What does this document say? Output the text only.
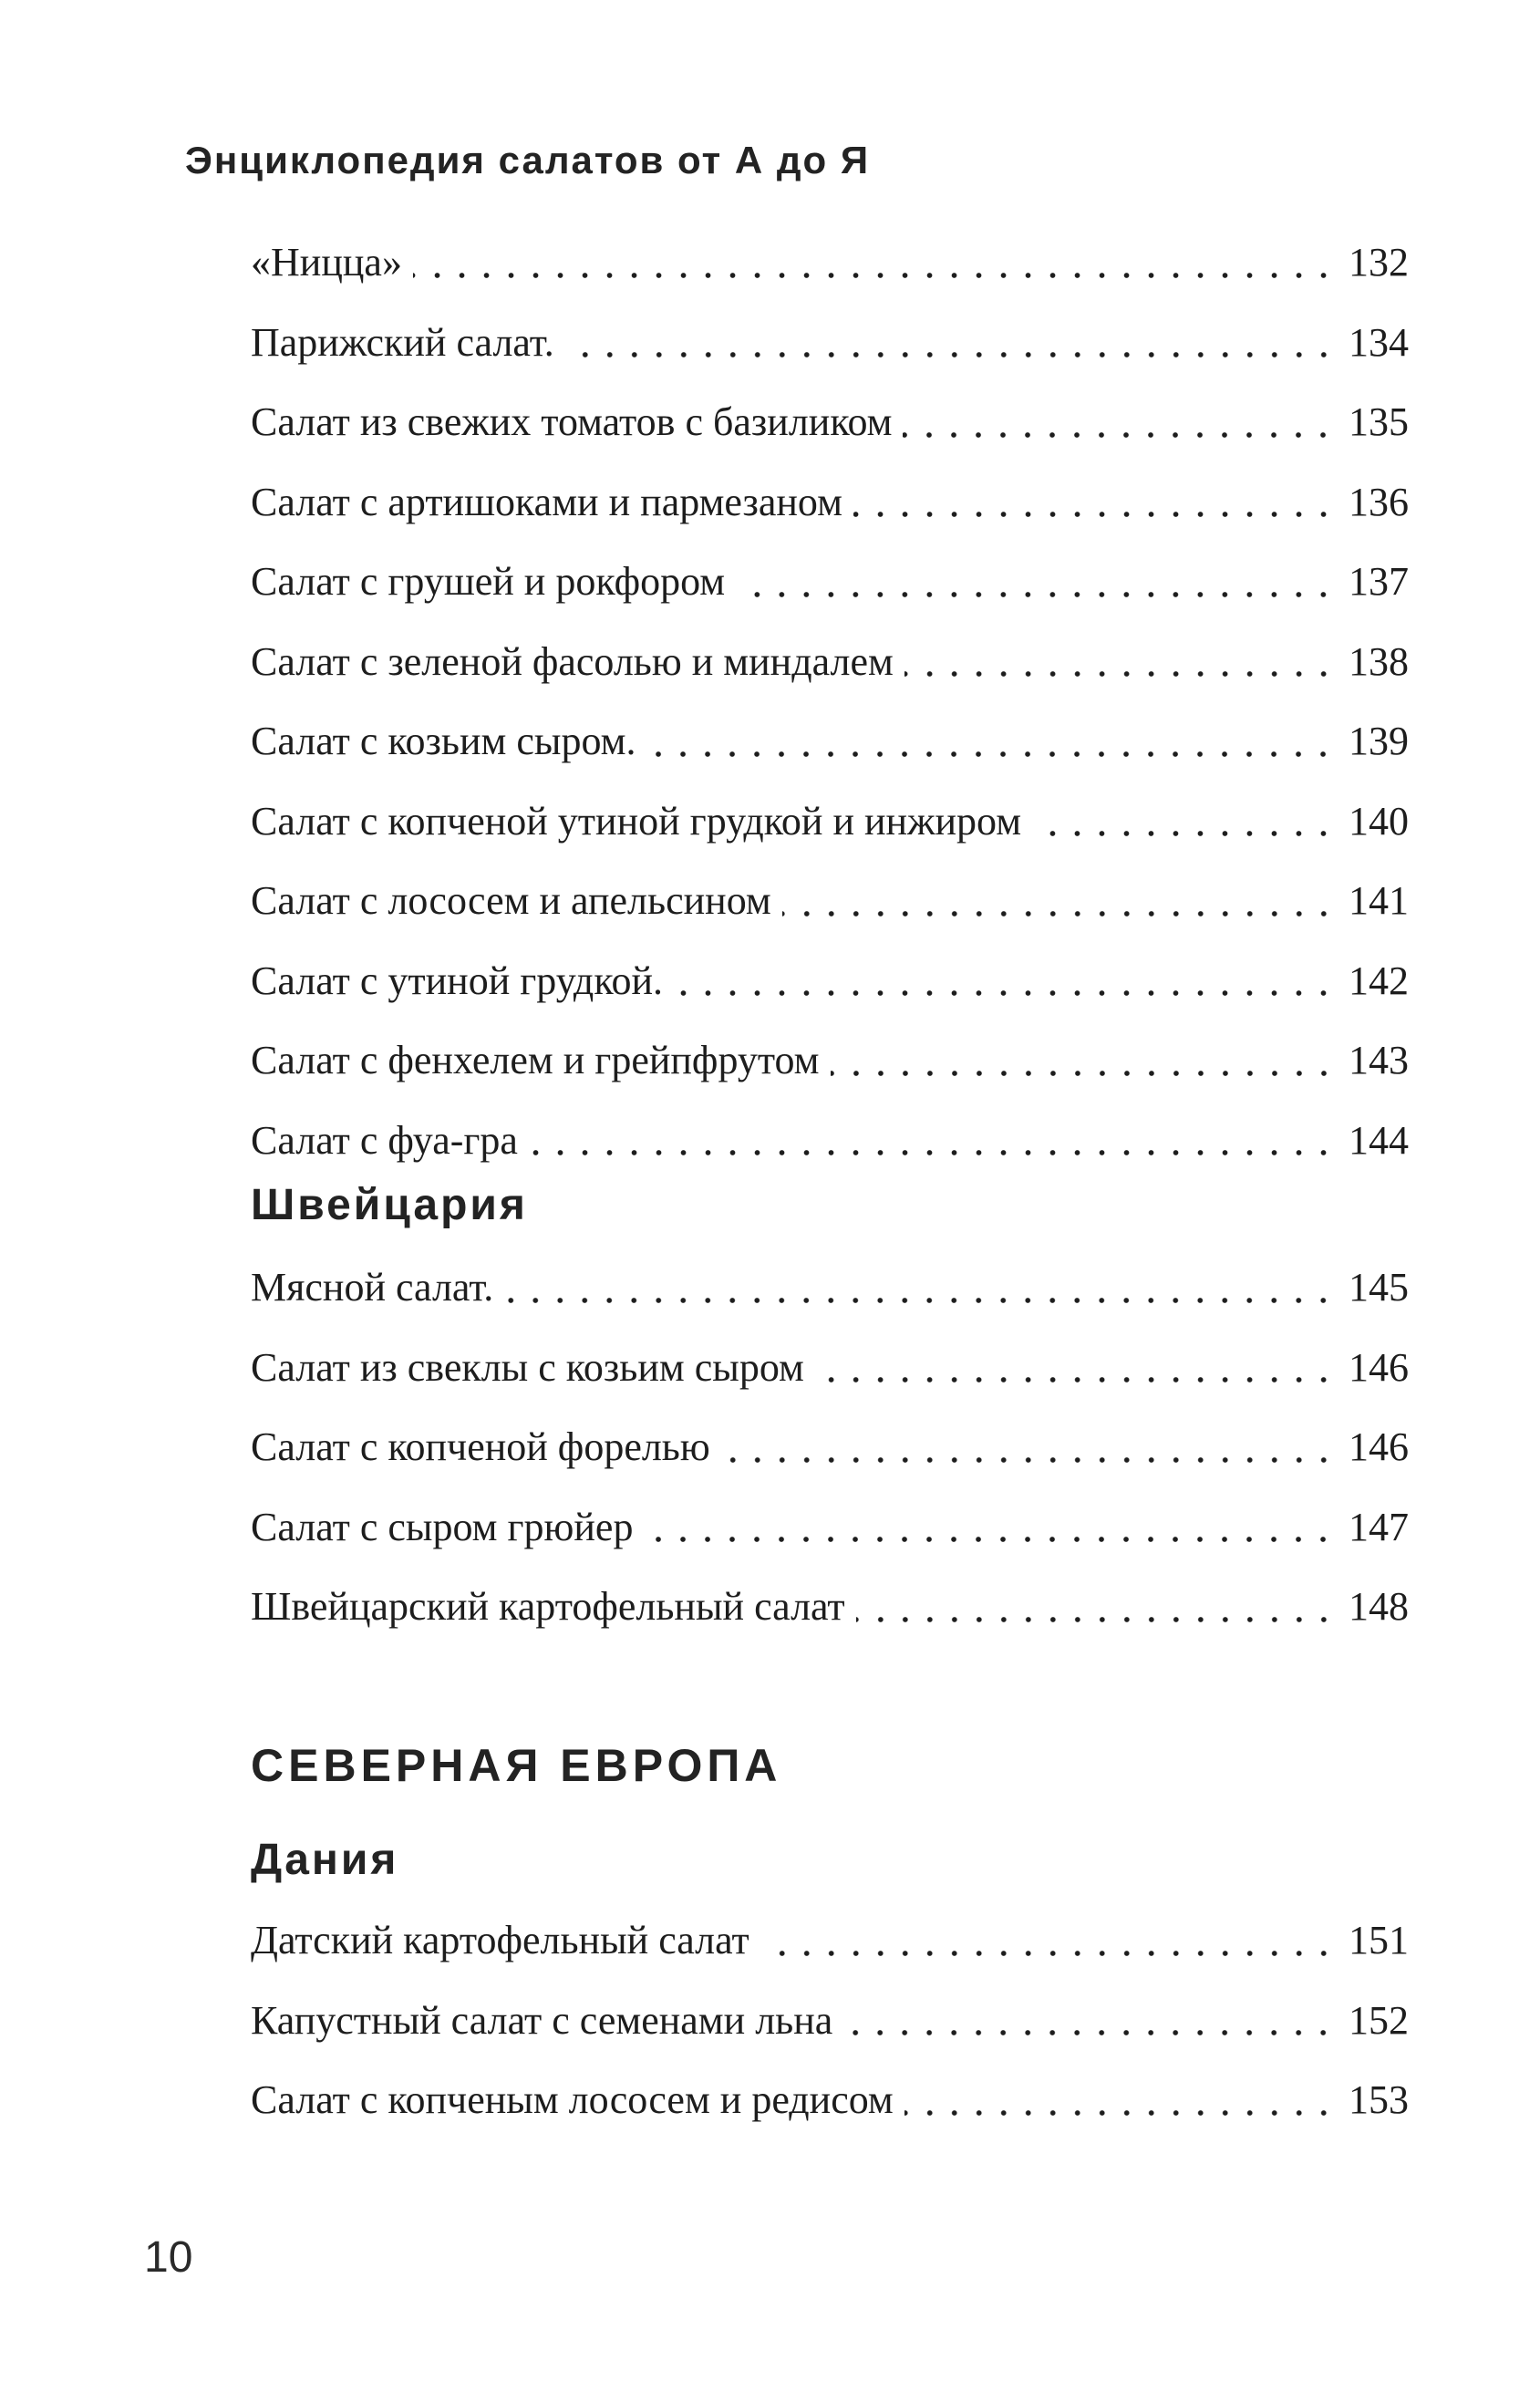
Энциклопедия салатов от А до Я
«Ницца»	132
Парижский салат.	134
Салат из свежих томатов с базиликом	135
Салат с артишоками и пармезаном	136
Салат с грушей и рокфором	137
Салат с зеленой фасолью и миндалем	138
Салат с козьим сыром.	139
Салат с копченой утиной грудкой и инжиром	140
Салат с лососем и апельсином	141
Салат с утиной грудкой.	142
Салат с фенхелем и грейпфрутом	143
Салат с фуа-гра	144
Швейцария
Мясной салат.	145
Салат из свеклы с козьим сыром	146
Салат с копченой форелью	146
Салат с сыром грюйер	147
Швейцарский картофельный салат	148
СЕВЕРНАЯ ЕВРОПА
Дания
Датский картофельный салат	151
Капустный салат с семенами льна	152
Салат с копченым лососем и редисом	153
10
